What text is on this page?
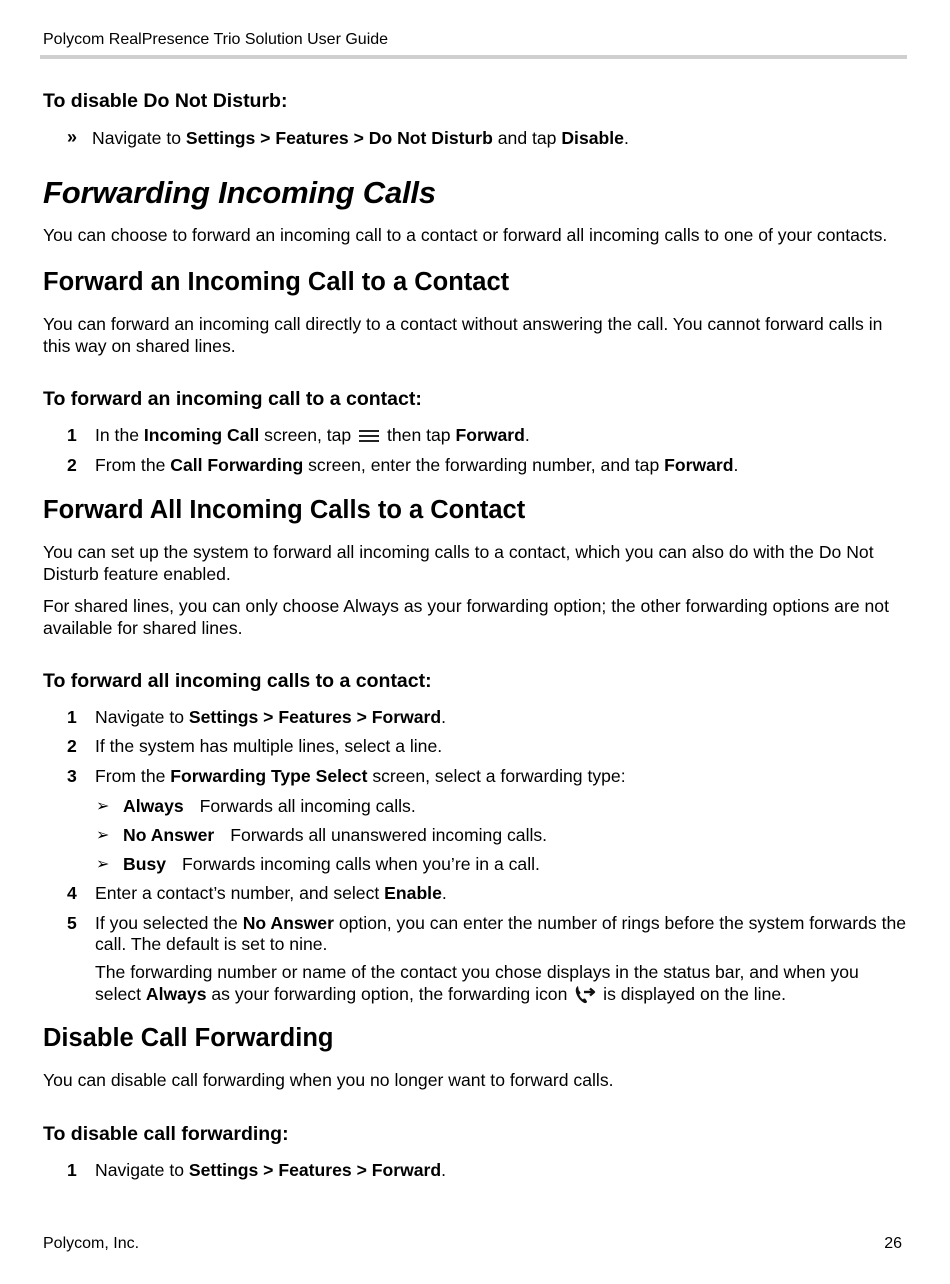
Polycom RealPresence Trio Solution User Guide
To disable Do Not Disturb:
» Navigate to Settings > Features > Do Not Disturb and tap Disable.
Forwarding Incoming Calls
You can choose to forward an incoming call to a contact or forward all incoming calls to one of your contacts.
Forward an Incoming Call to a Contact
You can forward an incoming call directly to a contact without answering the call. You cannot forward calls in this way on shared lines.
To forward an incoming call to a contact:
1 In the Incoming Call screen, tap  then tap Forward.
2 From the Call Forwarding screen, enter the forwarding number, and tap Forward.
Forward All Incoming Calls to a Contact
You can set up the system to forward all incoming calls to a contact, which you can also do with the Do Not Disturb feature enabled.
For shared lines, you can only choose Always as your forwarding option; the other forwarding options are not available for shared lines.
To forward all incoming calls to a contact:
1 Navigate to Settings > Features > Forward.
2 If the system has multiple lines, select a line.
3 From the Forwarding Type Select screen, select a forwarding type:
➢ Always Forwards all incoming calls.
➢ No Answer Forwards all unanswered incoming calls.
➢ Busy Forwards incoming calls when you’re in a call.
4 Enter a contact’s number, and select Enable.
5 If you selected the No Answer option, you can enter the number of rings before the system forwards the call. The default is set to nine.
The forwarding number or name of the contact you chose displays in the status bar, and when you select Always as your forwarding option, the forwarding icon  is displayed on the line.
Disable Call Forwarding
You can disable call forwarding when you no longer want to forward calls.
To disable call forwarding:
1 Navigate to Settings > Features > Forward.
Polycom, Inc.	26
